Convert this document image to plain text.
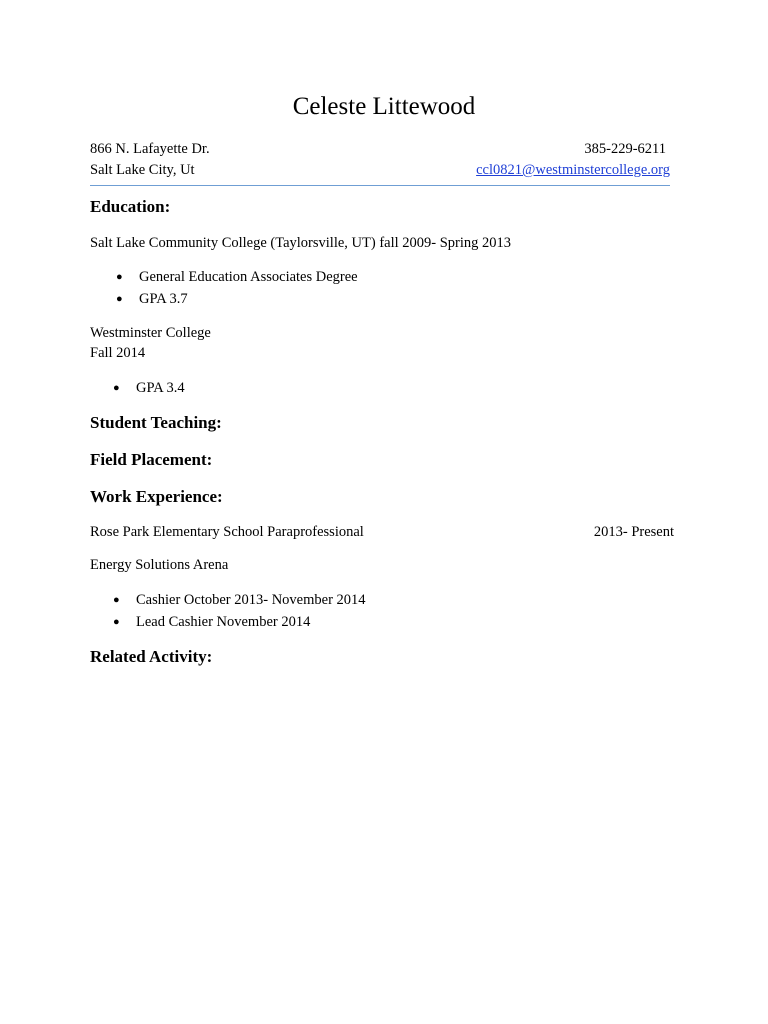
Celeste Littewood
866 N. Lafayette Dr.	385-229-6211
Salt Lake City, Ut	ccl0821@westminstercollege.org
Education:
Salt Lake Community College (Taylorsville, UT) fall 2009- Spring 2013
● General Education Associates Degree
● GPA 3.7
Westminster College
Fall 2014
● GPA 3.4
Student Teaching:
Field Placement:
Work Experience:
Rose Park Elementary School Paraprofessional	2013- Present
Energy Solutions Arena
● Cashier October 2013- November 2014
● Lead Cashier November 2014
Related Activity:
